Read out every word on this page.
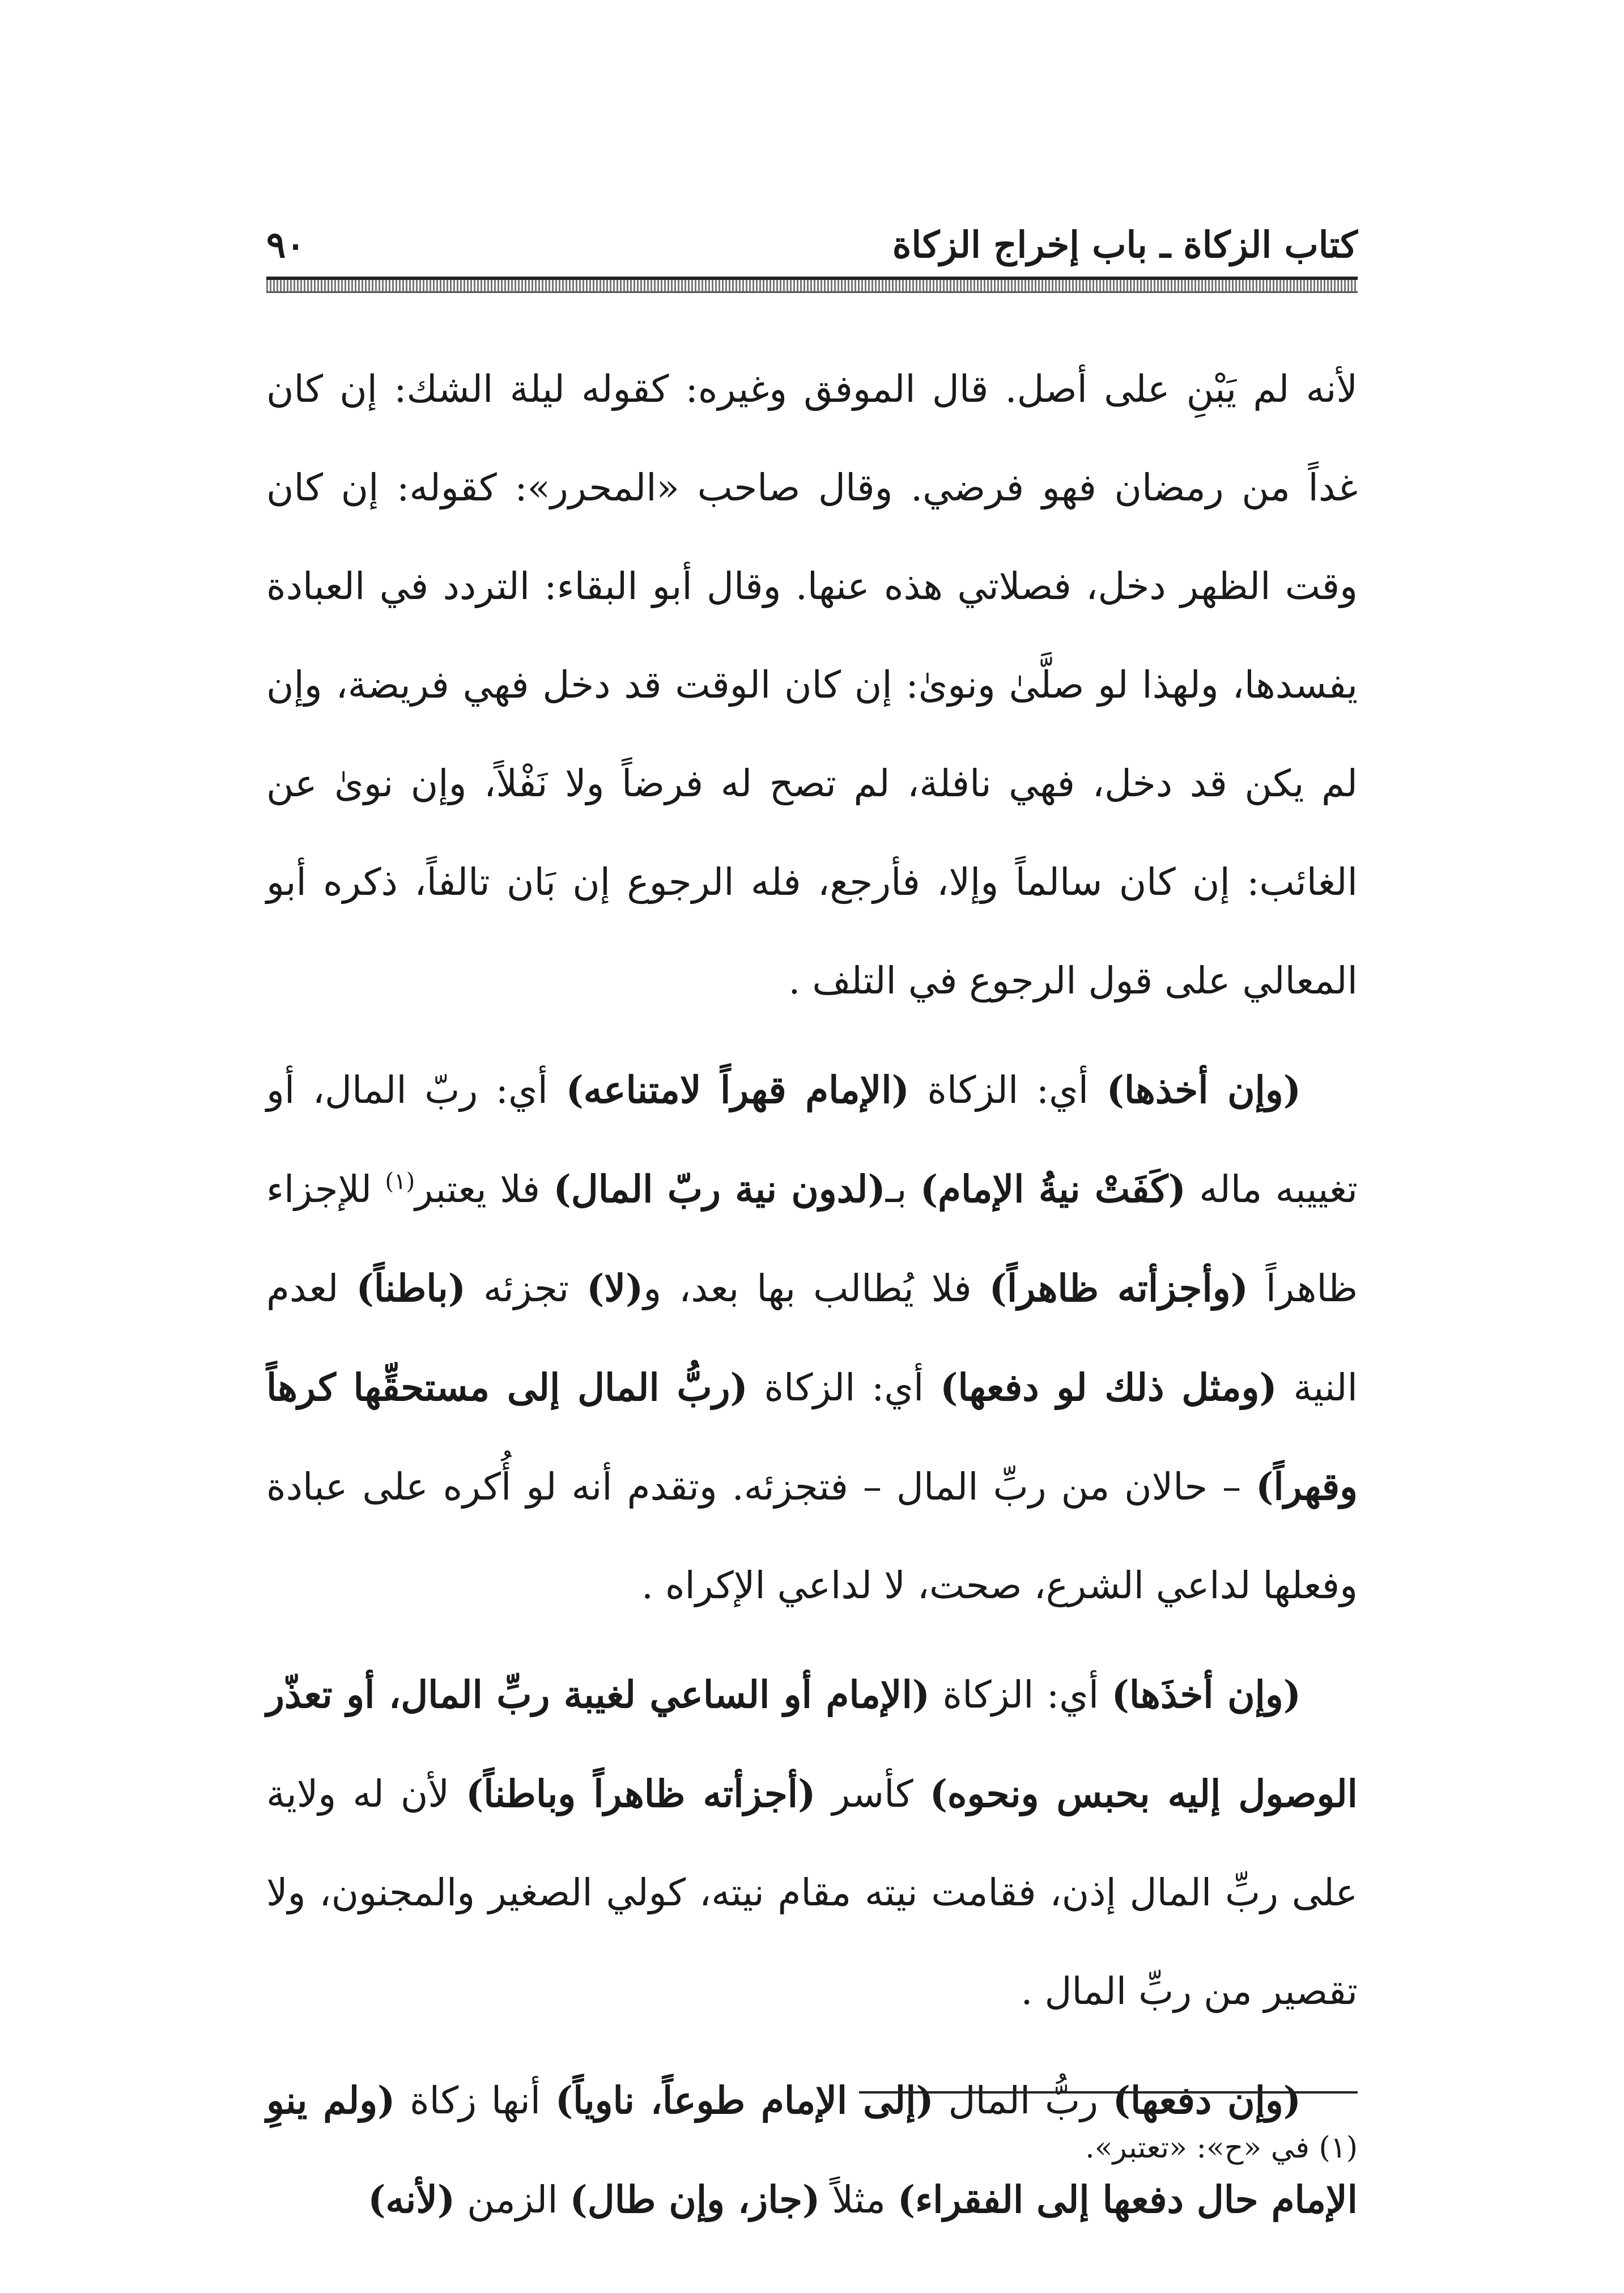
كتاب الزكاة ـ باب إخراج الزكاة
٩٠

لأنه لم يَبْنِ على أصل. قال الموفق وغيره: كقوله ليلة الشك: إن كان غداً من رمضان فهو فرضي. وقال صاحب «المحرر»: كقوله: إن كان وقت الظهر دخل، فصلاتي هذه عنها. وقال أبو البقاء: التردد في العبادة يفسدها، ولهذا لو صلَّىٰ ونوىٰ: إن كان الوقت قد دخل فهي فريضة، وإن لم يكن قد دخل، فهي نافلة، لم تصح له فرضاً ولا نَفْلاً، وإن نوىٰ عن الغائب: إن كان سالماً وإلا، فأرجع، فله الرجوع إن بَان تالفاً، ذكره أبو المعالي على قول الرجوع في التلف .

(وإن أخذها) أي: الزكاة (الإمام قهراً لامتناعه) أي: ربّ المال، أو تغييبه ماله (كَفَتْ نيةُ الإمام) بـ(لدون نية ربّ المال) فلا يعتبر$^{(١)}$ للإجزاء ظاهراً (وأجزأته ظاهراً) فلا يُطالب بها بعد، و(لا) تجزئه (باطناً) لعدم النية (ومثل ذلك لو دفعها) أي: الزكاة (ربُّ المال إلى مستحقِّها كرهاً وقهراً) – حالان من ربِّ المال – فتجزئه. وتقدم أنه لو أُكره على عبادة وفعلها لداعي الشرع، صحت، لا لداعي الإكراه .

(وإن أخذَها) أي: الزكاة (الإمام أو الساعي لغيبة ربِّ المال، أو تعذّر الوصول إليه بحبس ونحوه) كأسر (أجزأته ظاهراً وباطناً) لأن له ولاية على ربِّ المال إذن، فقامت نيته مقام نيته، كولي الصغير والمجنون، ولا تقصير من ربِّ المال .

(وإن دفعها) ربُّ المال (إلى الإمام طوعاً، ناوياً) أنها زكاة (ولم ينوِ الإمام حال دفعها إلى الفقراء) مثلاً (جاز، وإن طال) الزمن (لأنه)

(١) في «ح»: «تعتبر».
